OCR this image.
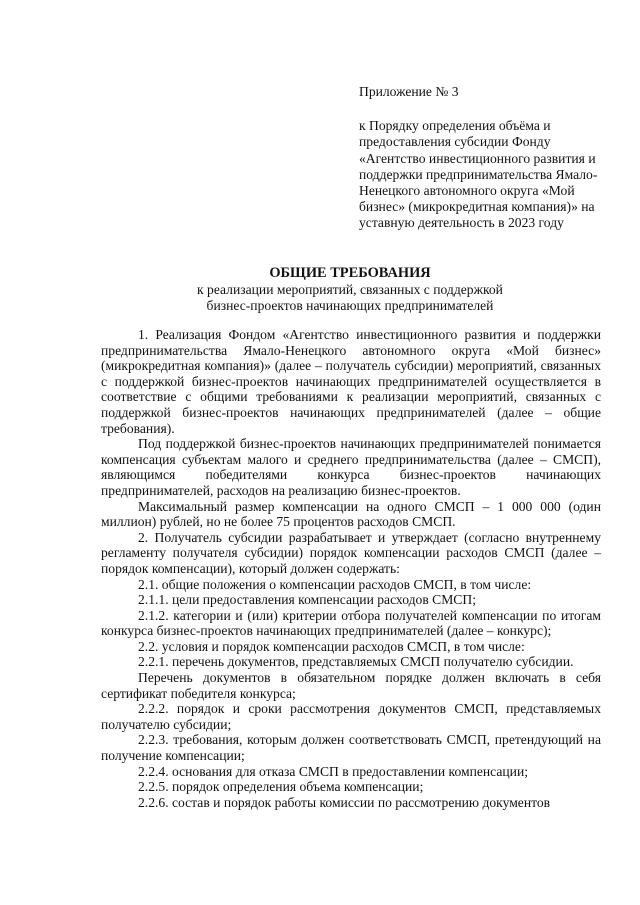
Приложение № 3

к Порядку определения объёма и предоставления субсидии Фонду «Агентство инвестиционного развития и поддержки предпринимательства Ямало-Ненецкого автономного округа «Мой бизнес» (микрокредитная компания)» на уставную деятельность в 2023 году

ОБЩИЕ ТРЕБОВАНИЯ

к реализации мероприятий, связанных с поддержкой

бизнес-проектов начинающих предпринимателей

1. Реализация Фондом «Агентство инвестиционного развития и поддержки предпринимательства Ямало-Ненецкого автономного округа «Мой бизнес» (микрокредитная компания)» (далее – получатель субсидии) мероприятий, связанных с поддержкой бизнес-проектов начинающих предпринимателей осуществляется в соответствие с общими требованиями к реализации мероприятий, связанных с поддержкой бизнес-проектов начинающих предпринимателей (далее – общие требования).

Под поддержкой бизнес-проектов начинающих предпринимателей понимается компенсация субъектам малого и среднего предпринимательства (далее – СМСП), являющимся победителями конкурса бизнес-проектов начинающих предпринимателей, расходов на реализацию бизнес-проектов.

Максимальный размер компенсации на одного СМСП – 1 000 000 (один миллион) рублей, но не более 75 процентов расходов СМСП.

2. Получатель субсидии разрабатывает и утверждает (согласно внутреннему регламенту получателя субсидии) порядок компенсации расходов СМСП (далее – порядок компенсации), который должен содержать:

2.1. общие положения о компенсации расходов СМСП, в том числе:

2.1.1. цели предоставления компенсации расходов СМСП;

2.1.2. категории и (или) критерии отбора получателей компенсации по итогам конкурса бизнес-проектов начинающих предпринимателей (далее – конкурс);

2.2. условия и порядок компенсации расходов СМСП, в том числе:

2.2.1. перечень документов, представляемых СМСП получателю субсидии.

Перечень документов в обязательном порядке должен включать в себя сертификат победителя конкурса;

2.2.2. порядок и сроки рассмотрения документов СМСП, представляемых получателю субсидии;

2.2.3. требования, которым должен соответствовать СМСП, претендующий на получение компенсации;

2.2.4. основания для отказа СМСП в предоставлении компенсации;

2.2.5. порядок определения объема компенсации;

2.2.6. состав и порядок работы комиссии по рассмотрению документов
